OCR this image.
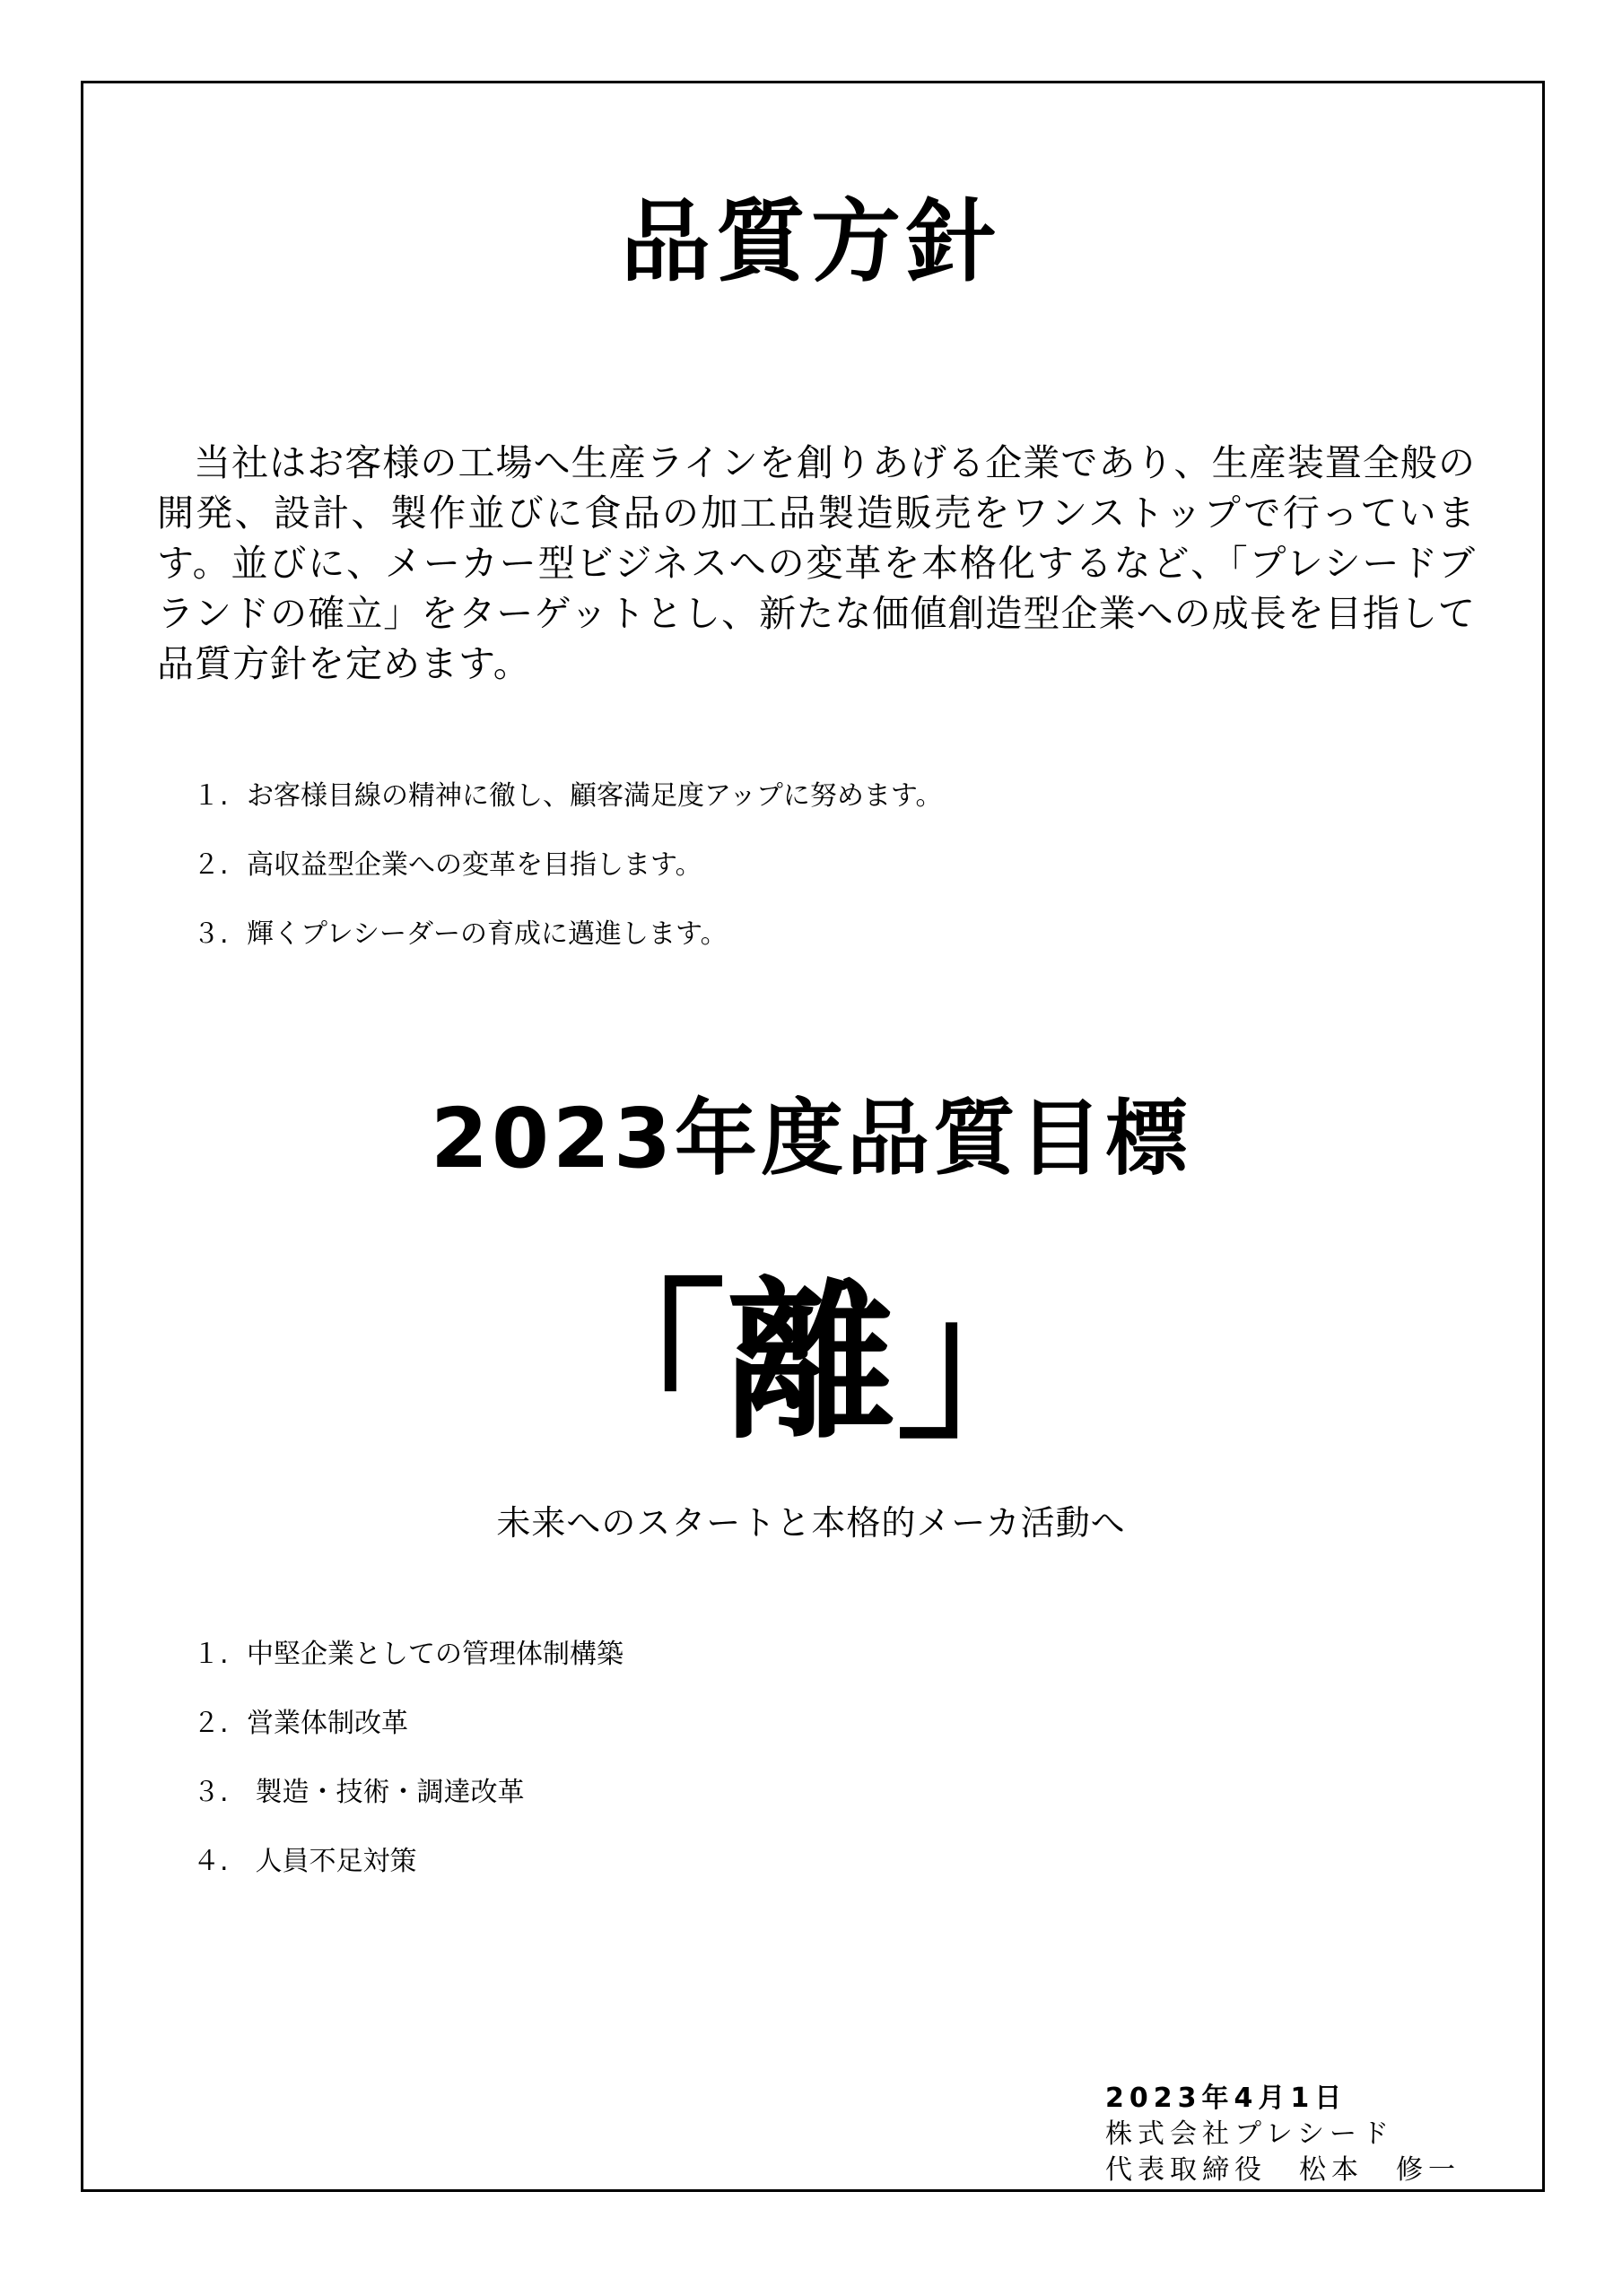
品質方針

当社はお客様の工場へ生産ラインを創りあげる企業であり、生産装置全般の開発、設計、製作並びに食品の加工品製造販売をワンストップで行っています。並びに、メーカー型ビジネスへの変革を本格化するなど、「プレシードブランドの確立」をターゲットとし、新たな価値創造型企業への成長を目指して品質方針を定めます。

１. お客様目線の精神に徹し、顧客満足度アップに努めます。
２. 高収益型企業への変革を目指します。
３. 輝くプレシーダーの育成に邁進します。
2023年度品質目標
「離」
未来へのスタートと本格的メーカ活動へ
１. 中堅企業としての管理体制構築
２. 営業体制改革
３. 製造・技術・調達改革
４. 人員不足対策
2023年4月1日
株式会社プレシード
代表取締役　松本　修一
